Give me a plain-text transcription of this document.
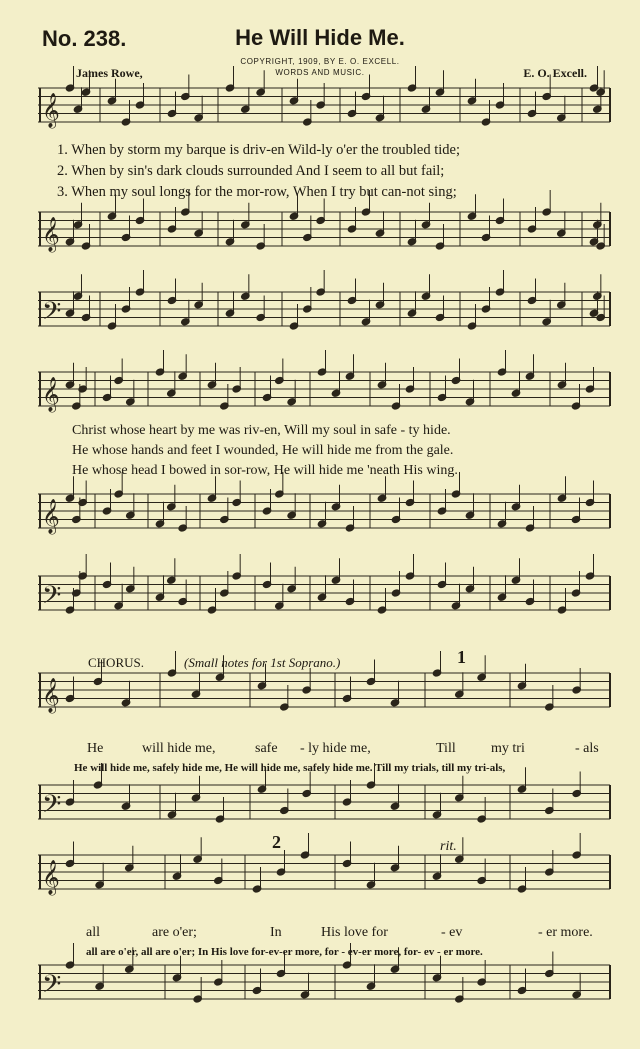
No. 238.	He Will Hide Me.
COPYRIGHT, 1909, BY E. O. EXCELL.
WORDS AND MUSIC.
James Rowe,	E. O. Excell.
𝄞
𝄞
𝄢
𝄞
𝄞
𝄢
𝄞
𝄢
𝄞
𝄢
1. When by storm my barque is driv-en Wild-ly o'er the troubled tide;
2. When by sin's dark clouds surrounded And I seem to all but fail;
3. When my soul longs for the mor-row, When I try but can-not sing;
Christ whose heart by me was riv-en, Will my soul in safe - ty hide.
He whose hands and feet I wounded, He will hide me from the gale.
He whose head I bowed in sor-row, He will hide me 'neath His wing.
CHORUS.	(Small notes for 1st Soprano.)	1
2	rit.
He	will hide me,	safe - ly hide me,	Till	my tri	- als
He will hide me, safely hide me, He will hide me, safely hide me. Till my trials, till my tri-als,
all	are o'er;	In	His love for	- ev	- er more.
all are o'er, all are o'er; In His love for-ev-er more, for - ev-er more, for- ev - er more.
